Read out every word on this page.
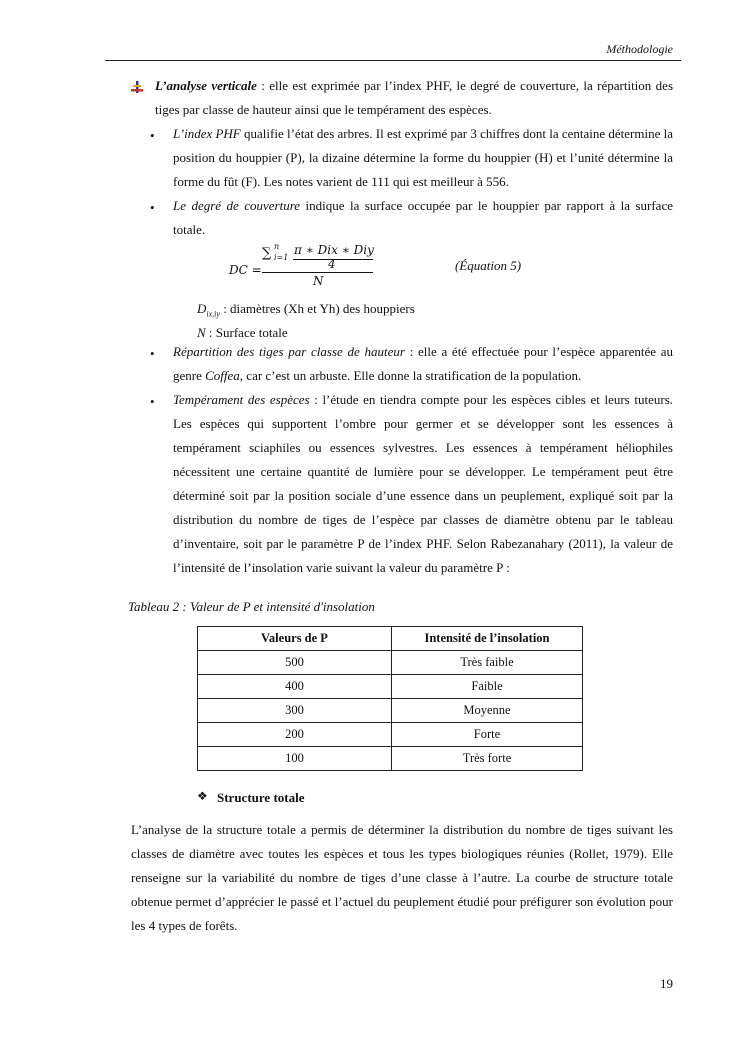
Méthodologie
L’analyse verticale : elle est exprimée par l’index PHF, le degré de couverture, la répartition des tiges par classe de hauteur ainsi que le tempérament des espèces.
• L’index PHF qualifie l’état des arbres. Il est exprimé par 3 chiffres dont la centaine détermine la position du houppier (P), la dizaine détermine la forme du houppier (H) et l’unité détermine la forme du fût (F). Les notes varient de 111 qui est meilleur à 556.
• Le degré de couverture indique la surface occupée par le houppier par rapport à la surface totale.
DC =
∑ n
i=1
π ∗ Dix ∗ Diy
4
N
(Équation 5)
$D_{ix,iy}$ : diamètres (Xh et Yh) des houppiers
N : Surface totale
• Répartition des tiges par classe de hauteur : elle a été effectuée pour l’espèce apparentée au genre Coffea, car c’est un arbuste. Elle donne la stratification de la population.
• Tempérament des espèces : l’étude en tiendra compte pour les espèces cibles et leurs tuteurs. Les espèces qui supportent l’ombre pour germer et se développer sont les essences à tempérament sciaphiles ou essences sylvestres. Les essences à tempérament héliophiles nécessitent une certaine quantité de lumière pour se développer. Le tempérament peut être déterminé soit par la position sociale d’une essence dans un peuplement, expliqué soit par la distribution du nombre de tiges de l’espèce par classes de diamètre obtenu par le tableau d’inventaire, soit par le paramètre P de l’index PHF. Selon Rabezanahary (2011), la valeur de l’intensité de l’insolation varie suivant la valeur du paramètre P :
Tableau 2 : Valeur de P et intensité d'insolation
Valeurs de P	Intensité de l’insolation
500	Très faible
400	Faible
300	Moyenne
200	Forte
100	Très forte
❖ Structure totale
L’analyse de la structure totale a permis de déterminer la distribution du nombre de tiges suivant les classes de diamètre avec toutes les espèces et tous les types biologiques réunies (Rollet, 1979). Elle renseigne sur la variabilité du nombre de tiges d’une classe à l’autre. La courbe de structure totale obtenue permet d’apprécier le passé et l’actuel du peuplement étudié pour préfigurer son évolution pour les 4 types de forêts.
19
